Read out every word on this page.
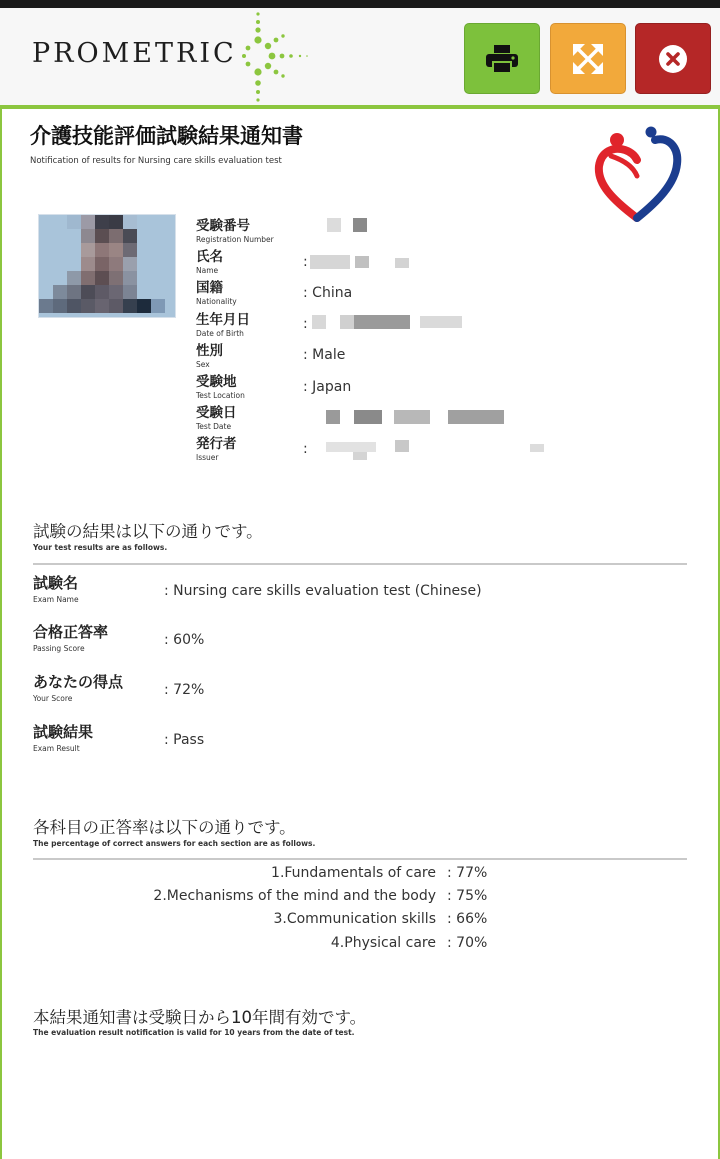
PROMETRIC
介護技能評価試験結果通知書
Notification of results for Nursing care skills evaluation test
受験番号
Registration Number
氏名
Name
:
国籍
Nationality
: China
生年月日
Date of Birth
:
性別
Sex
: Male
受験地
Test Location
: Japan
受験日
Test Date
発行者
Issuer
:
試験の結果は以下の通りです。
Your test results are as follows.
試験名
Exam Name
: Nursing care skills evaluation test (Chinese)
合格正答率
Passing Score
: 60%
あなたの得点
Your Score
: 72%
試験結果
Exam Result
: Pass
各科目の正答率は以下の通りです。
The percentage of correct answers for each section are as follows.
1.Fundamentals of care : 77%
2.Mechanisms of the mind and the body : 75%
3.Communication skills : 66%
4.Physical care : 70%
本結果通知書は受験日から10年間有効です。
The evaluation result notification is valid for 10 years from the date of test.
